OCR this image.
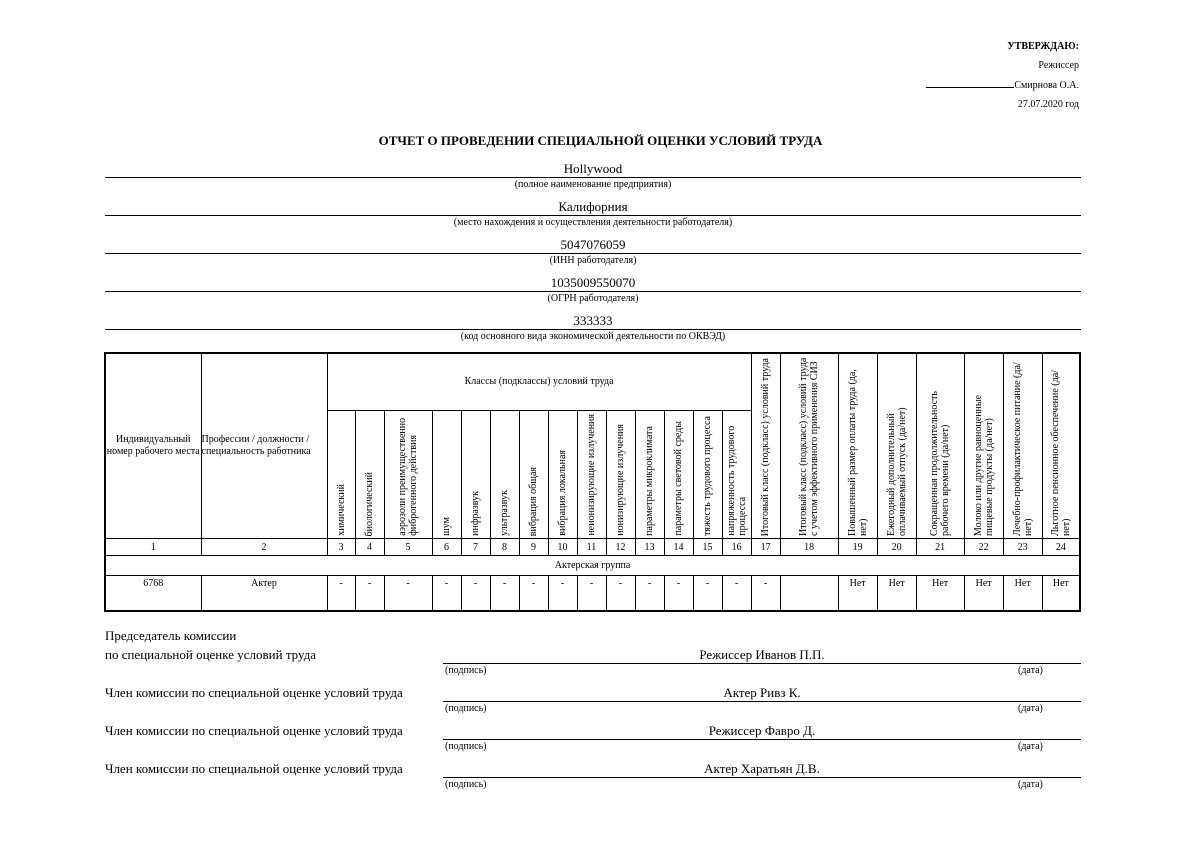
УТВЕРЖДАЮ:
Режиссер
Смирнова О.А.
27.07.2020 год
ОТЧЕТ О ПРОВЕДЕНИИ СПЕЦИАЛЬНОЙ ОЦЕНКИ УСЛОВИЙ ТРУДА
Hollywood
(полное наименование предприятия)
Калифорния
(место нахождения и осуществления деятельности работодателя)
5047076059
(ИНН работодателя)
1035009550070
(ОГРН работодателя)
333333
(код основного вида экономической деятельности по ОКВЭД)
Индивидуальный номер рабочего места	Профессии / должности / специальность работника	Классы (подклассы) условий труда														Итоговый класс (подкласс) условий труда	Итоговый класс (подкласс) условий труда с учетом эффективного применения СИЗ	Повышенный размер оплаты труда (да, нет)	Ежегодный дополнительный оплачиваемый отпуск (да/нет)	Сокращенная продолжительность рабочего времени (да/нет)	Молоко или другие равноценные пищевые продукты (да/нет)	Лечебно-профилактическое питание (да/нет)	Льготное пенсионное обеспечение (да/нет)

		химический	биологический	аэрозоли преимущественно фиброгенного действия	шум	инфразвук	ультразвук	вибрация общая	вибрация локальная	неионизирующие излучения	ионизирующие излучения	параметры микроклимата	параметры световой среды	тяжесть трудового процесса	напряженность трудового процесса								

1	2	3	4	5	6	7	8	9	10	11	12	13	14	15	16	17	18	19	20	21	22	23	24
Актерская группа																							
6768	Актер	-	-	-	-	-	-	-	-	-	-	-	-	-	-	-		Нет	Нет	Нет	Нет	Нет	Нет
Председатель комиссии
по специальной оценке условий труда	Режиссер Иванов П.П.
(подпись)	(дата)
Член комиссии по специальной оценке условий труда	Актер Ривз К.
(подпись)	(дата)
Член комиссии по специальной оценке условий труда	Режиссер Фавро Д.
(подпись)	(дата)
Член комиссии по специальной оценке условий труда	Актер Харатьян Д.В.
(подпись)	(дата)
